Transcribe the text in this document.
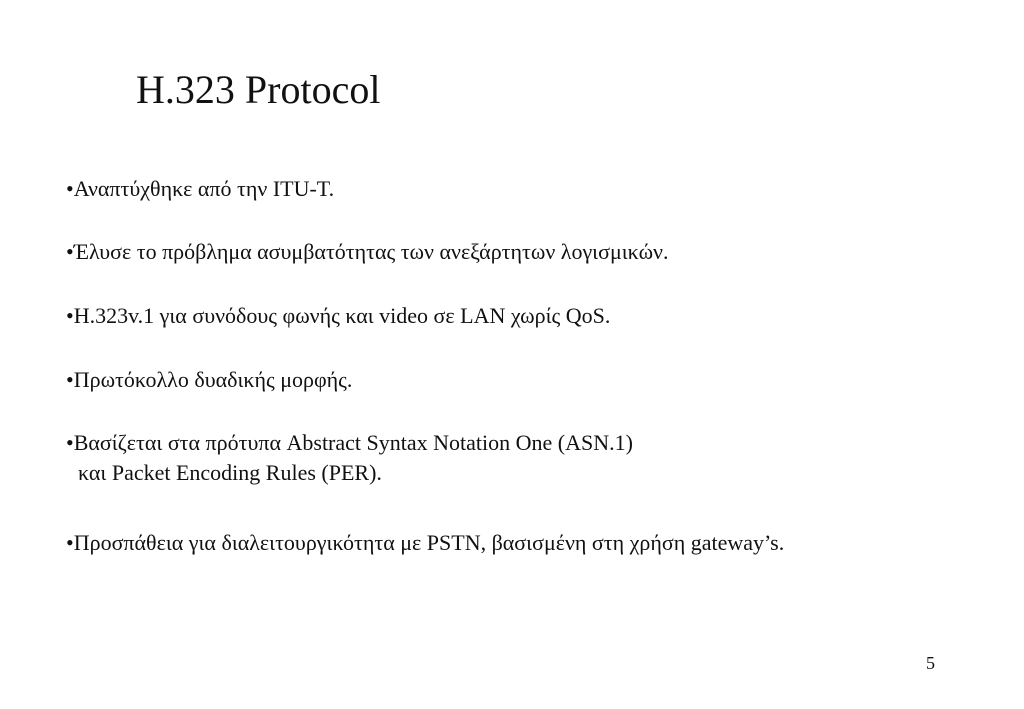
H.323 Protocol
•Αναπτύχθηκε από την ITU-T.
•Έλυσε το πρόβλημα ασυμβατότητας των ανεξάρτητων λογισμικών.
•H.323v.1 για συνόδους φωνής και video σε LAN χωρίς QoS.
•Πρωτόκολλο δυαδικής μορφής.
•Βασίζεται στα πρότυπα Abstract Syntax Notation One (ASN.1)
και Packet Encoding Rules (PER).
•Προσπάθεια για διαλειτουργικότητα με PSTN, βασισμένη στη χρήση gateway’s.
5
